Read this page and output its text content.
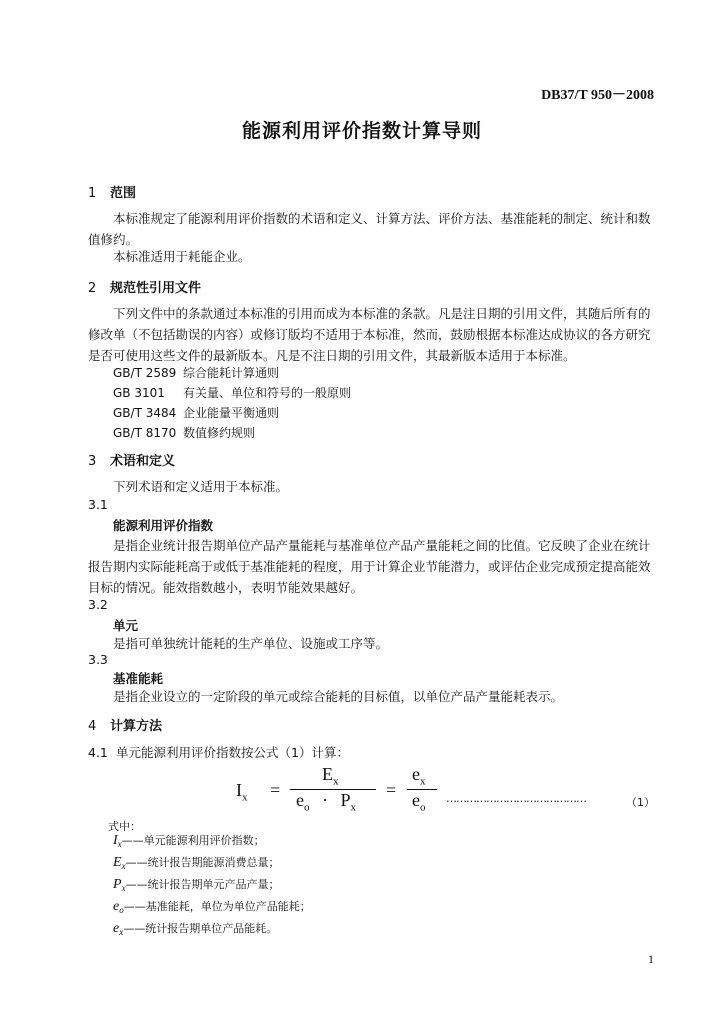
DB37/T 950－2008
能源利用评价指数计算导则
1 范围
本标准规定了能源利用评价指数的术语和定义、计算方法、评价方法、基准能耗的制定、统计和数值修约。
本标准适用于耗能企业。
2 规范性引用文件
下列文件中的条款通过本标准的引用而成为本标准的条款。凡是注日期的引用文件，其随后所有的修改单（不包括勘误的内容）或修订版均不适用于本标准，然而，鼓励根据本标准达成协议的各方研究是否可使用这些文件的最新版本。凡是不注日期的引用文件，其最新版本适用于本标准。
GB/T 2589 综合能耗计算通则
GB 3101 有关量、单位和符号的一般原则
GB/T 3484 企业能量平衡通则
GB/T 8170 数值修约规则
3 术语和定义
下列术语和定义适用于本标准。
3.1
能源利用评价指数
是指企业统计报告期单位产品产量能耗与基准单位产品产量能耗之间的比值。它反映了企业在统计报告期内实际能耗高于或低于基准能耗的程度，用于计算企业节能潜力，或评估企业完成预定提高能效目标的情况。能效指数越小，表明节能效果越好。
3.2
单元
是指可单独统计能耗的生产单位、设施或工序等。
3.3
基准能耗
是指企业设立的一定阶段的单元或综合能耗的目标值，以单位产品产量能耗表示。
4 计算方法
4.1 单元能源利用评价指数按公式（1）计算：
$I_x$ =
$E_x$
$e_o \cdot P_x$
=
$e_x$
$e_o$
……………………………………	（1）
式中：
$I_x——$单元能源利用评价指数；
$E_x——$统计报告期能源消费总量；
$P_x——$统计报告期单元产品产量；
$e_o——$基准能耗，单位为单位产品能耗；
$e_x——$统计报告期单位产品能耗。
1
